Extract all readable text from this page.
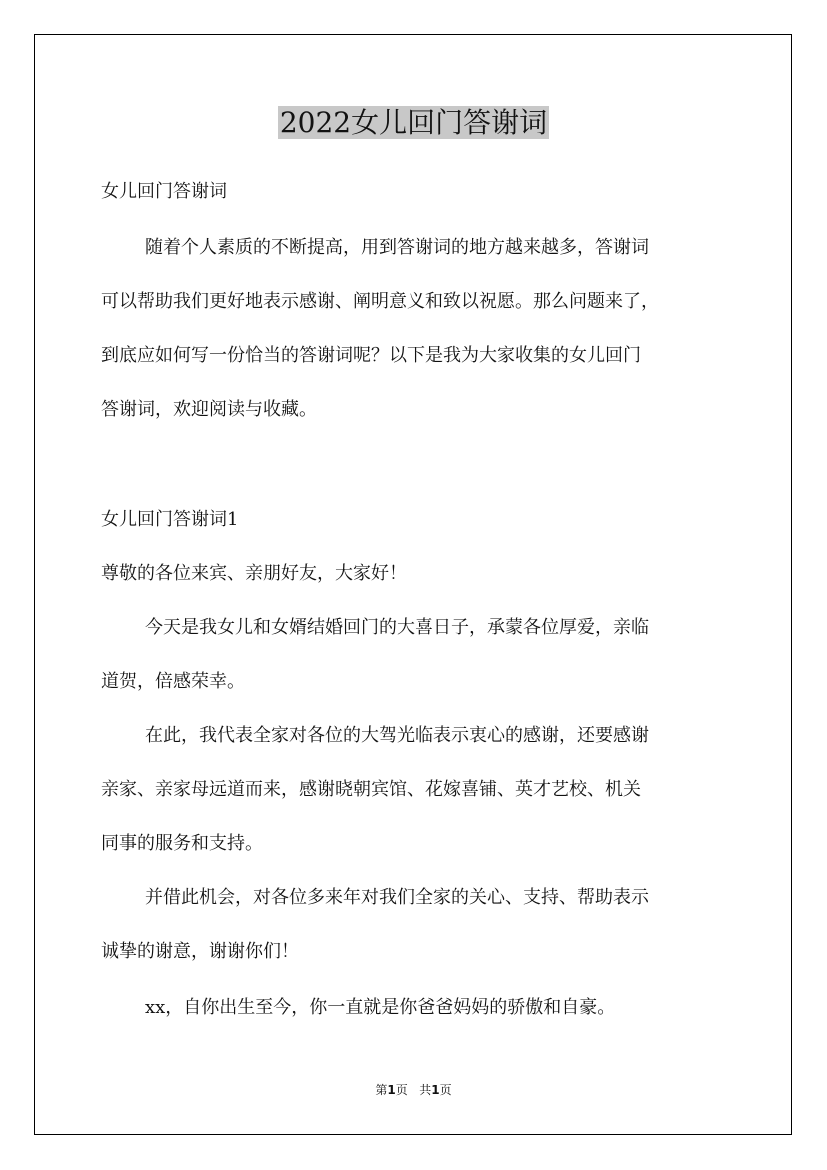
2022女儿回门答谢词

女儿回门答谢词

随着个人素质的不断提高，用到答谢词的地方越来越多，答谢词

可以帮助我们更好地表示感谢、阐明意义和致以祝愿。那么问题来了，

到底应如何写一份恰当的答谢词呢？以下是我为大家收集的女儿回门

答谢词，欢迎阅读与收藏。

女儿回门答谢词1

尊敬的各位来宾、亲朋好友，大家好！

今天是我女儿和女婿结婚回门的大喜日子，承蒙各位厚爱，亲临

道贺，倍感荣幸。

在此，我代表全家对各位的大驾光临表示衷心的感谢，还要感谢

亲家、亲家母远道而来，感谢晓朝宾馆、花嫁喜铺、英才艺校、机关

同事的服务和支持。

并借此机会，对各位多来年对我们全家的关心、支持、帮助表示

诚挚的谢意，谢谢你们！

xx，自你出生至今，你一直就是你爸爸妈妈的骄傲和自豪。

第1页 共1页
